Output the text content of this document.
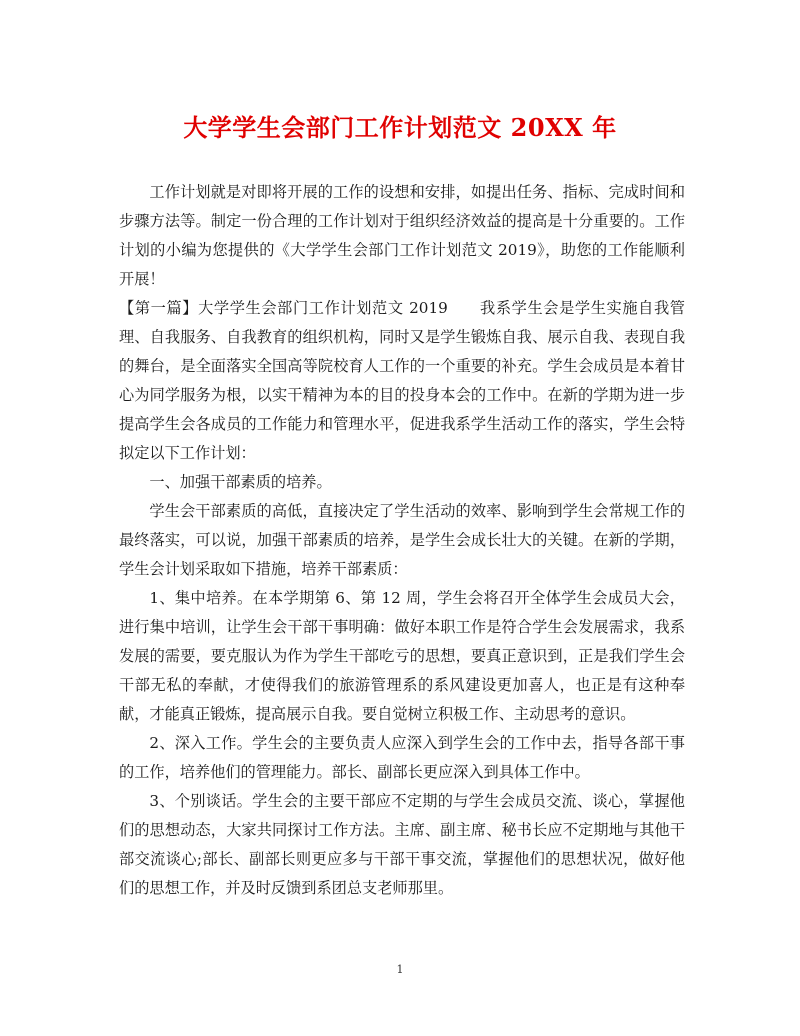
大学学生会部门工作计划范文 20XX 年

工作计划就是对即将开展的工作的设想和安排，如提出任务、指标、完成时间和步骤方法等。制定一份合理的工作计划对于组织经济效益的提高是十分重要的。工作计划的小编为您提供的《大学学生会部门工作计划范文 2019》，助您的工作能顺利开展！

【第一篇】大学学生会部门工作计划范文 2019　　我系学生会是学生实施自我管理、自我服务、自我教育的组织机构，同时又是学生锻炼自我、展示自我、表现自我的舞台，是全面落实全国高等院校育人工作的一个重要的补充。学生会成员是本着甘心为同学服务为根，以实干精神为本的目的投身本会的工作中。在新的学期为进一步提高学生会各成员的工作能力和管理水平，促进我系学生活动工作的落实，学生会特拟定以下工作计划：

一、加强干部素质的培养。

学生会干部素质的高低，直接决定了学生活动的效率、影响到学生会常规工作的最终落实，可以说，加强干部素质的培养，是学生会成长壮大的关键。在新的学期，学生会计划采取如下措施，培养干部素质：

1、集中培养。在本学期第 6、第 12 周，学生会将召开全体学生会成员大会，进行集中培训，让学生会干部干事明确：做好本职工作是符合学生会发展需求，我系发展的需要，要克服认为作为学生干部吃亏的思想，要真正意识到，正是我们学生会干部无私的奉献，才使得我们的旅游管理系的系风建设更加喜人，也正是有这种奉献，才能真正锻炼，提高展示自我。要自觉树立积极工作、主动思考的意识。

2、深入工作。学生会的主要负责人应深入到学生会的工作中去，指导各部干事的工作，培养他们的管理能力。部长、副部长更应深入到具体工作中。

3、个别谈话。学生会的主要干部应不定期的与学生会成员交流、谈心，掌握他们的思想动态，大家共同探讨工作方法。主席、副主席、秘书长应不定期地与其他干部交流谈心;部长、副部长则更应多与干部干事交流，掌握他们的思想状况，做好他们的思想工作，并及时反馈到系团总支老师那里。

1
